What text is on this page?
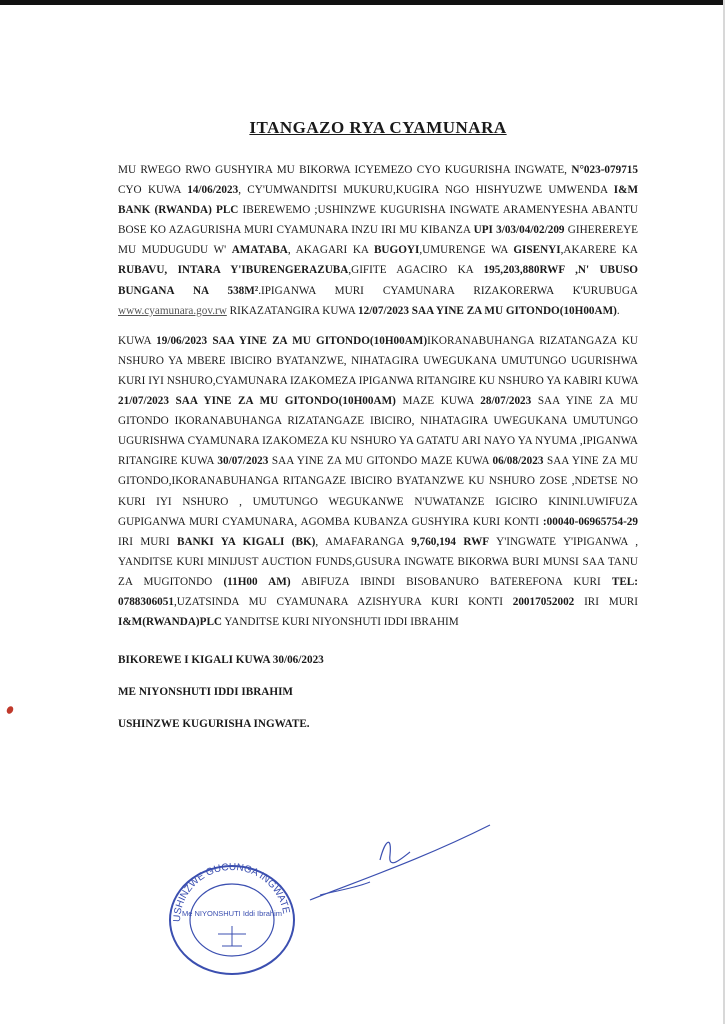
ITANGAZO RYA CYAMUNARA

MU RWEGO RWO GUSHYIRA MU BIKORWA ICYEMEZO CYO KUGURISHA INGWATE, N°023-079715 CYO KUWA 14/06/2023, CY'UMWANDITSI MUKURU,KUGIRA NGO HISHYUZWE UMWENDA I&M BANK (RWANDA) PLC IBEREWEMO ;USHINZWE KUGURISHA INGWATE ARAMENYESHA ABANTU BOSE KO AZAGURISHA MURI CYAMUNARA INZU IRI MU KIBANZA UPI 3/03/04/02/209 GIHEREREYE MU MUDUGUDU W' AMATABA, AKAGARI KA BUGOYI,UMURENGE WA GISENYI,AKARERE KA RUBAVU, INTARA Y'IBURENGERAZUBA,GIFITE AGACIRO KA 195,203,880RWF ,N' UBUSO BUNGANA NA 538M².IPIGANWA MURI CYAMUNARA RIZAKORERWA K'URUBUGA www.cyamunara.gov.rw RIKAZATANGIRA KUWA 12/07/2023 SAA YINE ZA MU GITONDO(10H00AM).

KUWA 19/06/2023 SAA YINE ZA MU GITONDO(10H00AM)IKORANABUHANGA RIZATANGAZA KU NSHURO YA MBERE IBICIRO BYATANZWE, NIHATAGIRA UWEGUKANA UMUTUNGO UGURISHWA KURI IYI NSHURO,CYAMUNARA IZAKOMEZA IPIGANWA RITANGIRE KU NSHURO YA KABIRI KUWA 21/07/2023 SAA YINE ZA MU GITONDO(10H00AM) MAZE KUWA 28/07/2023 SAA YINE ZA MU GITONDO IKORANABUHANGA RIZATANGAZE IBICIRO, NIHATAGIRA UWEGUKANA UMUTUNGO UGURISHWA CYAMUNARA IZAKOMEZA KU NSHURO YA GATATU ARI NAYO YA NYUMA ,IPIGANWA RITANGIRE KUWA 30/07/2023 SAA YINE ZA MU GITONDO MAZE KUWA 06/08/2023 SAA YINE ZA MU GITONDO,IKORANABUHANGA RITANGAZE IBICIRO BYATANZWE KU NSHURO ZOSE ,NDETSE NO KURI IYI NSHURO , UMUTUNGO WEGUKANWE N'UWATANZE IGICIRO KININI.UWIFUZA GUPIGANWA MURI CYAMUNARA, AGOMBA KUBANZA GUSHYIRA KURI KONTI :00040-06965754-29 IRI MURI BANKI YA KIGALI (BK), AMAFARANGA 9,760,194 RWF Y'INGWATE Y'IPIGANWA , YANDITSE KURI MINIJUST AUCTION FUNDS,GUSURA INGWATE BIKORWA BURI MUNSI SAA TANU ZA MUGITONDO (11H00 AM) ABIFUZA IBINDI BISOBANURO BATEREFONA KURI TEL: 0788306051,UZATSINDA MU CYAMUNARA AZISHYURA KURI KONTI 20017052002 IRI MURI I&M(RWANDA)PLC YANDITSE KURI NIYONSHUTI IDDI IBRAHIM

BIKOREWE I KIGALI KUWA 30/06/2023
ME NIYONSHUTI IDDI IBRAHIM
USHINZWE KUGURISHA INGWATE.
USHINZWE GUCUNGA INGWATE
Me NIYONSHUTI Iddi Ibrahim
